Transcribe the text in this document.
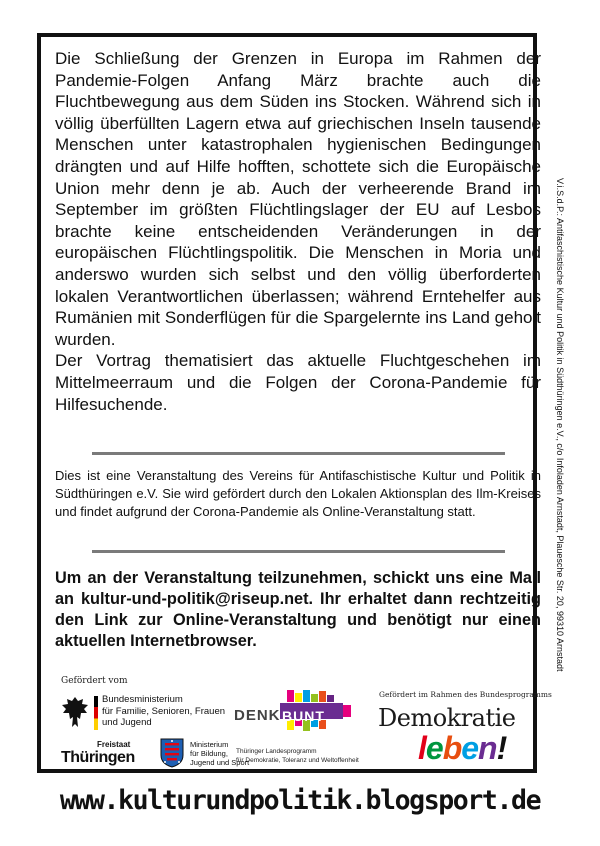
Die Schließung der Grenzen in Europa im Rahmen der Pandemie-Folgen Anfang März brachte auch die Fluchtbewegung aus dem Süden ins Stocken. Während sich in völlig überfüllten Lagern etwa auf griechischen Inseln tausende Menschen unter katastrophalen hygienischen Bedingungen drängten und auf Hilfe hofften, schottete sich die Europäische Union mehr denn je ab. Auch der verheerende Brand im September im größten Flüchtlingslager der EU auf Lesbos brachte keine entscheidenden Veränderungen in der europäischen Flüchtlingspolitik. Die Menschen in Moria und anderswo wurden sich selbst und den völlig überforderten lokalen Verantwortlichen überlassen; während Erntehelfer aus Rumänien mit Sonderflügen für die Spargelernte ins Land geholt wurden.
Der Vortrag thematisiert das aktuelle Fluchtgeschehen im Mittelmeerraum und die Folgen der Corona-Pandemie für Hilfesuchende.

Dies ist eine Veranstaltung des Vereins für Antifaschistische Kultur und Politik in Südthüringen e.V. Sie wird gefördert durch den Lokalen Aktionsplan des Ilm-Kreises und findet aufgrund der Corona-Pandemie als Online-Veranstaltung statt.

Um an der Veranstaltung teilzunehmen, schickt uns eine Mail an kultur-und-politik@riseup.net. Ihr erhaltet dann rechtzeitig den Link zur Online-Veranstaltung und benötigt nur einen aktuellen Internetbrowser.

Gefördert vom
Bundesministerium
für Familie, Senioren, Frauen
und Jugend
Freistaat
Thüringen
Ministerium
für Bildung,
Jugend und Sport
DENK BUNT
Thüringer Landesprogramm
für Demokratie, Toleranz und Weltoffenheit
Gefördert im Rahmen des Bundesprogramms
Demokratie
leben!
V.i.S.d.P.: Antifaschistische Kultur und Politik in Südthüringen e.V., c/o Infoladen Arnstadt, Plauesche Str. 20, 99310 Arnstadt
www.kulturundpolitik.blogsport.de
